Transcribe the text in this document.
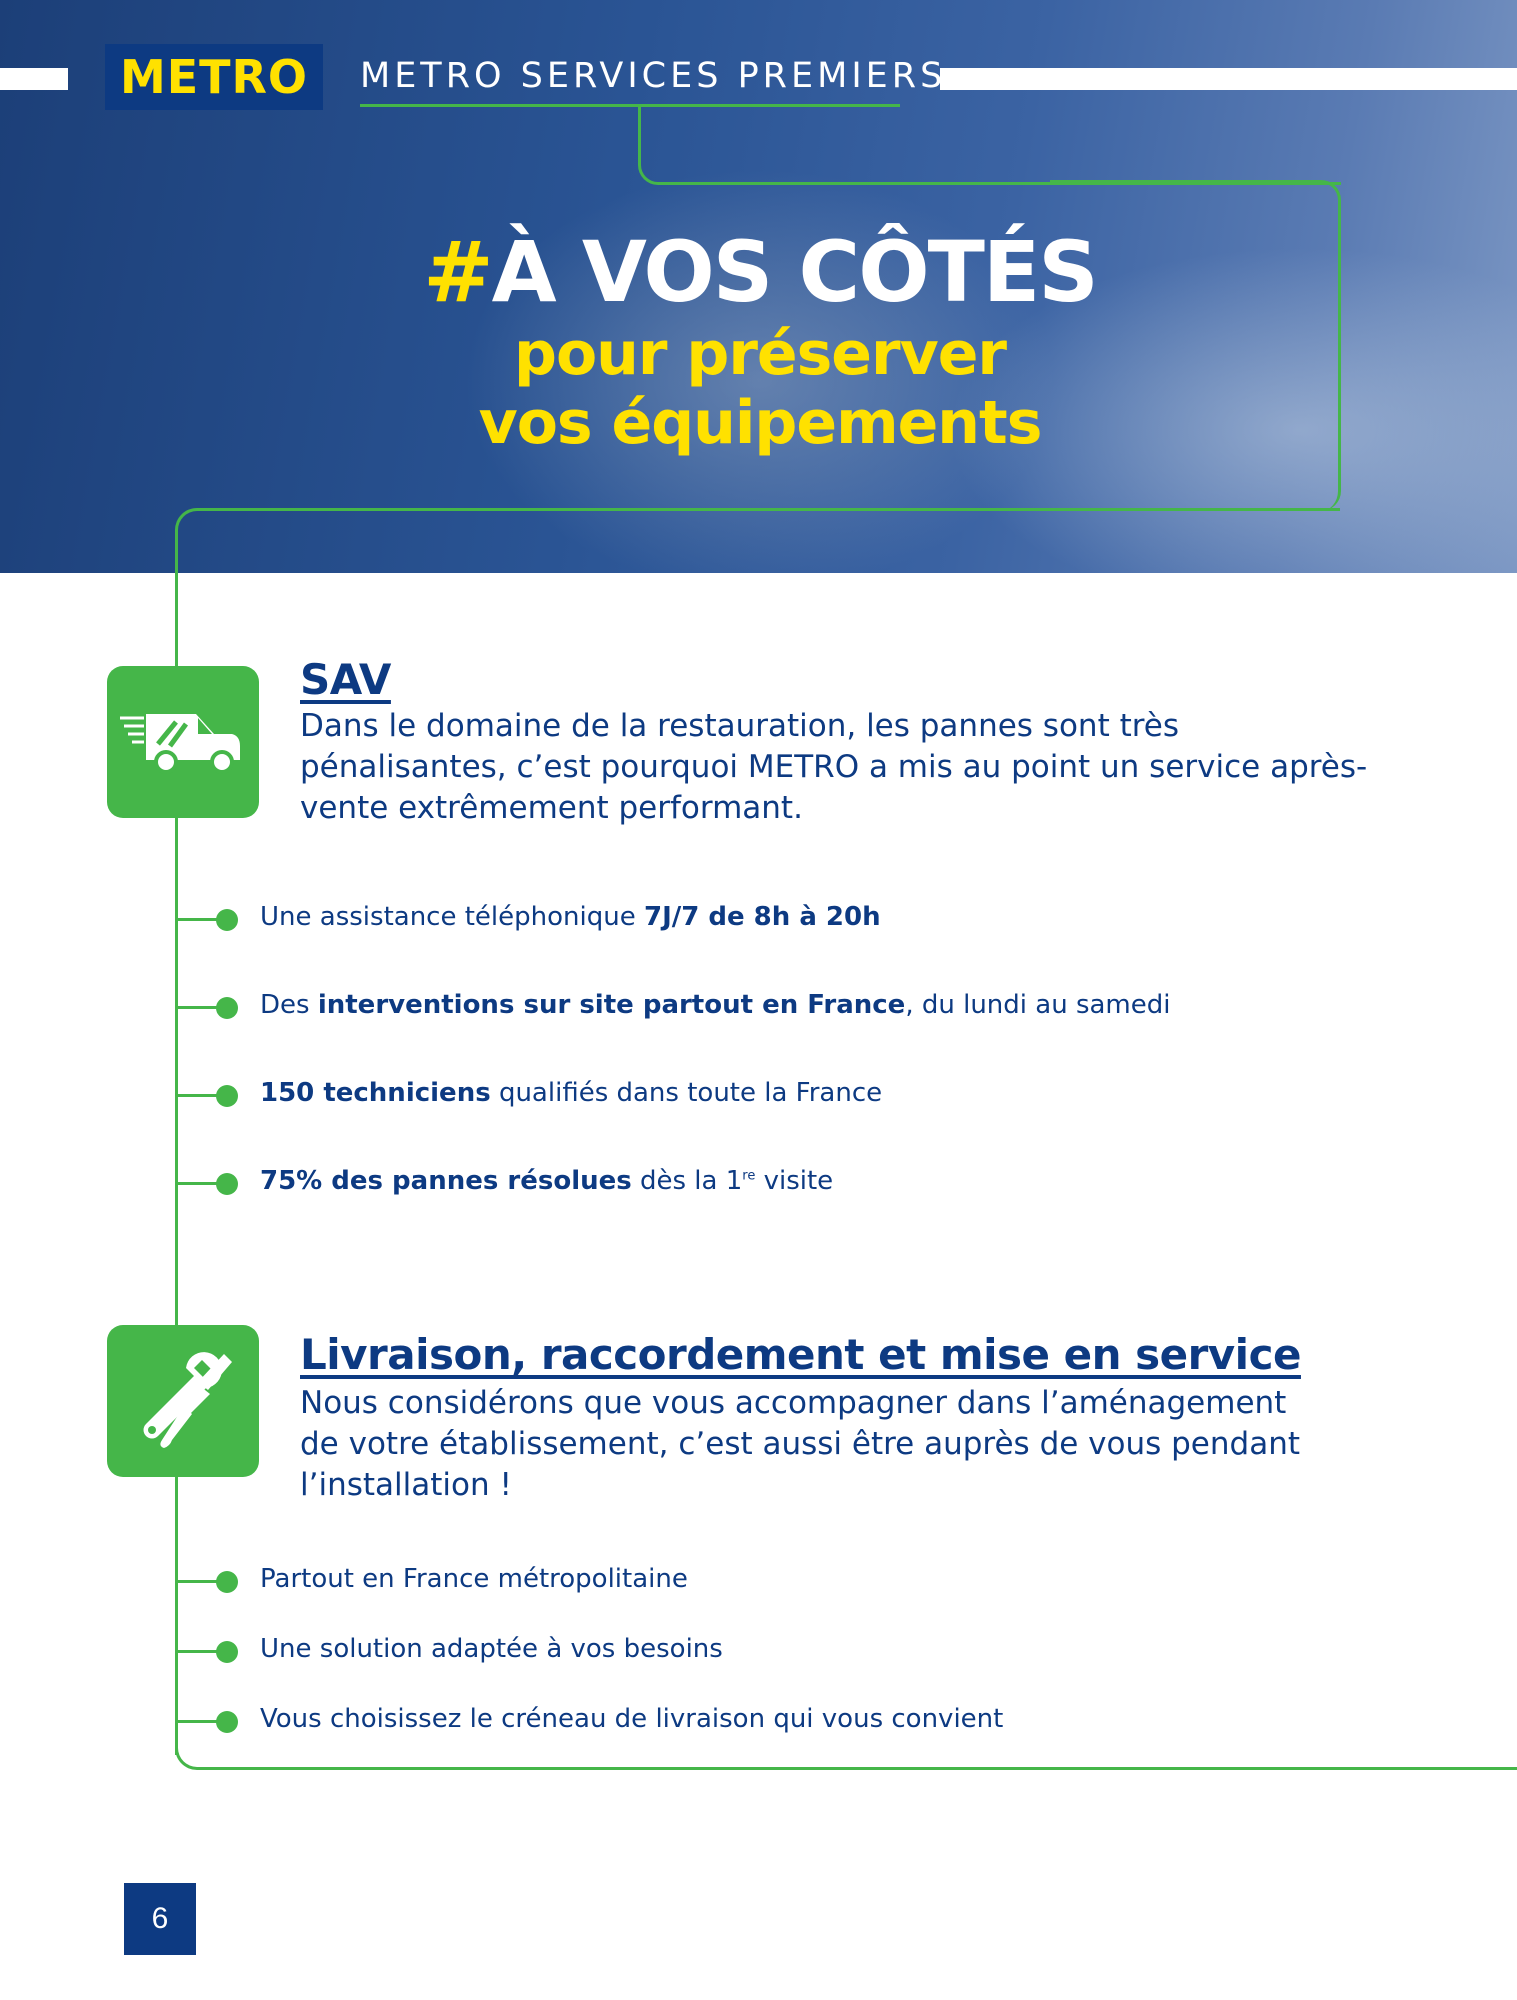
METRO METRO SERVICES PREMIERS
#À VOS CÔTÉS
pour préserver
vos équipements
SAV
Dans le domaine de la restauration, les pannes sont très pénalisantes, c’est pourquoi METRO a mis au point un service après-vente extrêmement performant.
Une assistance téléphonique 7J/7 de 8h à 20h
Des interventions sur site partout en France, du lundi au samedi
150 techniciens qualifiés dans toute la France
75% des pannes résolues dès la 1re visite
Livraison, raccordement et mise en service
Nous considérons que vous accompagner dans l’aménagement de votre établissement, c’est aussi être auprès de vous pendant l’installation !
Partout en France métropolitaine
Une solution adaptée à vos besoins
Vous choisissez le créneau de livraison qui vous convient
6
